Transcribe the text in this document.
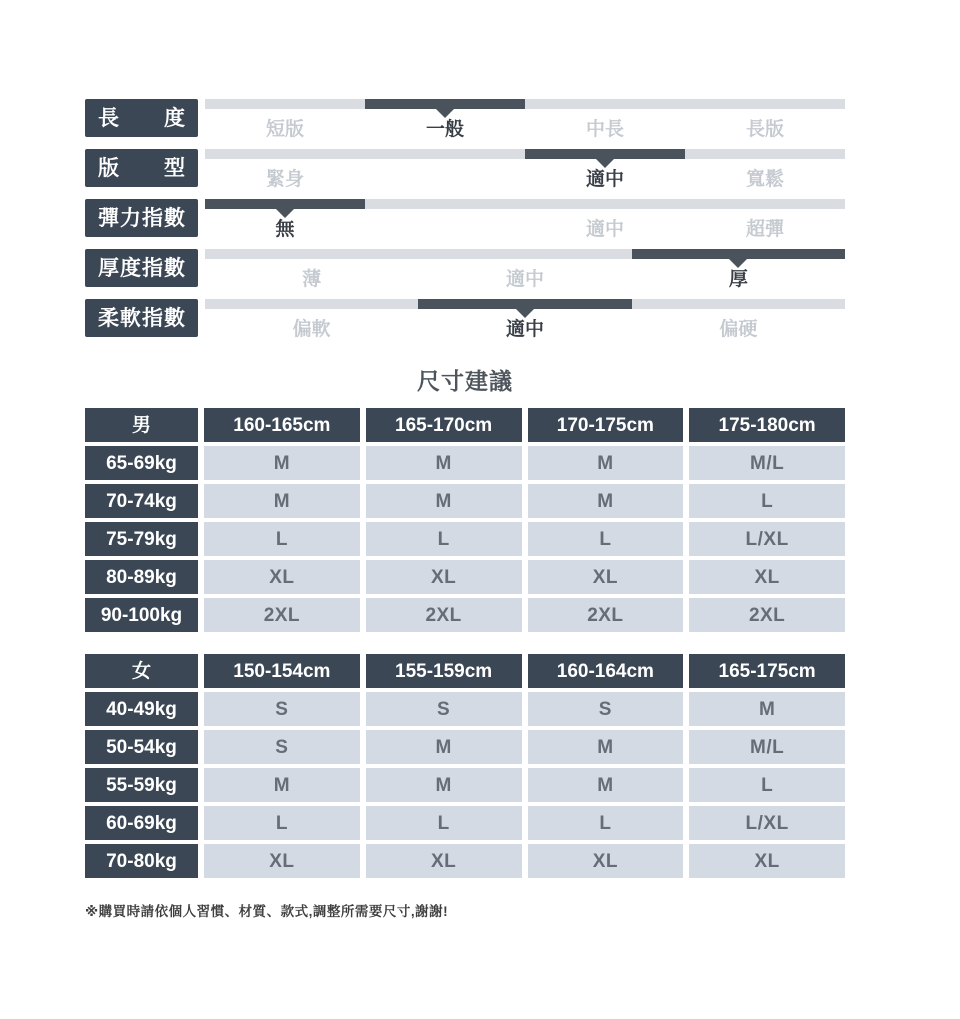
長 度	短版	一般	中長	長版
版 型	緊身	適中	寬鬆
彈 力 指 數	無	適中	超彈
厚 度 指 數	薄	適中	厚
柔 軟 指 數	偏軟	適中	偏硬
尺寸建議
男	160-165cm	165-170cm	170-175cm	175-180cm
65-69kg	M	M	M	M/L
70-74kg	M	M	M	L
75-79kg	L	L	L	L/XL
80-89kg	XL	XL	XL	XL
90-100kg	2XL	2XL	2XL	2XL
女	150-154cm	155-159cm	160-164cm	165-175cm
40-49kg	S	S	S	M
50-54kg	S	M	M	M/L
55-59kg	M	M	M	L
60-69kg	L	L	L	L/XL
70-80kg	XL	XL	XL	XL

※購買時請依個人習慣、材質、款式,調整所需要尺寸,謝謝!
